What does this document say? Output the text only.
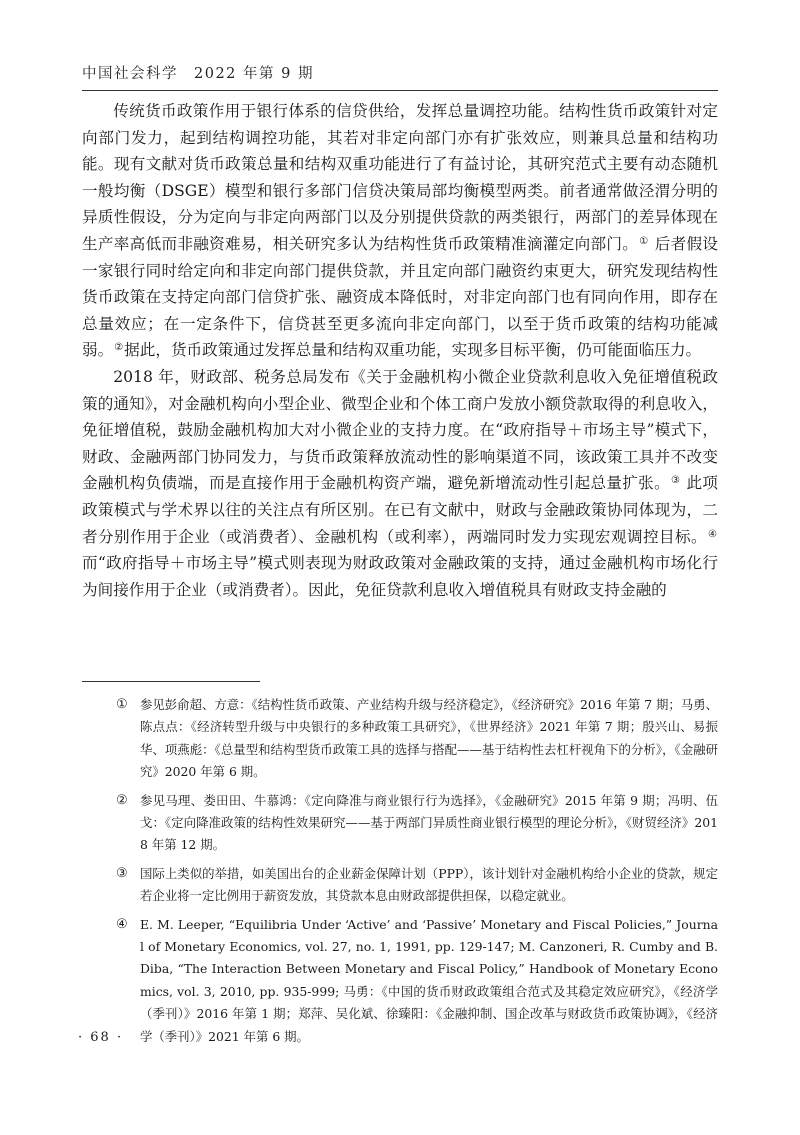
中国社会科学　2022 年第 9 期

传统货币政策作用于银行体系的信贷供给，发挥总量调控功能。结构性货币政策针对定向部门发力，起到结构调控功能，其若对非定向部门亦有扩张效应，则兼具总量和结构功能。现有文献对货币政策总量和结构双重功能进行了有益讨论，其研究范式主要有动态随机一般均衡（DSGE）模型和银行多部门信贷决策局部均衡模型两类。前者通常做泾渭分明的异质性假设，分为定向与非定向两部门以及分别提供贷款的两类银行，两部门的差异体现在生产率高低而非融资难易，相关研究多认为结构性货币政策精准滴灌定向部门。① 后者假设一家银行同时给定向和非定向部门提供贷款，并且定向部门融资约束更大，研究发现结构性货币政策在支持定向部门信贷扩张、融资成本降低时，对非定向部门也有同向作用，即存在总量效应；在一定条件下，信贷甚至更多流向非定向部门，以至于货币政策的结构功能减弱。②据此，货币政策通过发挥总量和结构双重功能，实现多目标平衡，仍可能面临压力。

2018 年，财政部、税务总局发布《关于金融机构小微企业贷款利息收入免征增值税政策的通知》，对金融机构向小型企业、微型企业和个体工商户发放小额贷款取得的利息收入，免征增值税，鼓励金融机构加大对小微企业的支持力度。在“政府指导＋市场主导”模式下，财政、金融两部门协同发力，与货币政策释放流动性的影响渠道不同，该政策工具并不改变金融机构负债端，而是直接作用于金融机构资产端，避免新增流动性引起总量扩张。③ 此项政策模式与学术界以往的关注点有所区别。在已有文献中，财政与金融政策协同体现为，二者分别作用于企业（或消费者）、金融机构（或利率），两端同时发力实现宏观调控目标。④ 而“政府指导＋市场主导”模式则表现为财政政策对金融政策的支持，通过金融机构市场化行为间接作用于企业（或消费者）。因此，免征贷款利息收入增值税具有财政支持金融的

① 参见彭俞超、方意：《结构性货币政策、产业结构升级与经济稳定》，《经济研究》2016 年第 7 期；马勇、陈点点：《经济转型升级与中央银行的多种政策工具研究》，《世界经济》2021 年第 7 期；殷兴山、易振华、项燕彪：《总量型和结构型货币政策工具的选择与搭配——基于结构性去杠杆视角下的分析》，《金融研究》2020 年第 6 期。
② 参见马理、娄田田、牛慕鸿：《定向降准与商业银行行为选择》，《金融研究》2015 年第 9 期；冯明、伍戈：《定向降准政策的结构性效果研究——基于两部门异质性商业银行模型的理论分析》，《财贸经济》2018 年第 12 期。
③ 国际上类似的举措，如美国出台的企业薪金保障计划（PPP），该计划针对金融机构给小企业的贷款，规定若企业将一定比例用于薪资发放，其贷款本息由财政部提供担保，以稳定就业。
④ E. M. Leeper, “Equilibria Under ‘Active’ and ‘Passive’ Monetary and Fiscal Policies,” Journal of Monetary Economics, vol. 27, no. 1, 1991, pp. 129-147; M. Canzoneri, R. Cumby and B. Diba, “The Interaction Between Monetary and Fiscal Policy,” Handbook of Monetary Economics, vol. 3, 2010, pp. 935-999; 马勇：《中国的货币财政政策组合范式及其稳定效应研究》，《经济学（季刊）》2016 年第 1 期；郑萍、吴化斌、徐臻阳：《金融抑制、国企改革与财政货币政策协调》，《经济学（季刊）》2021 年第 6 期。
· 68 ·
